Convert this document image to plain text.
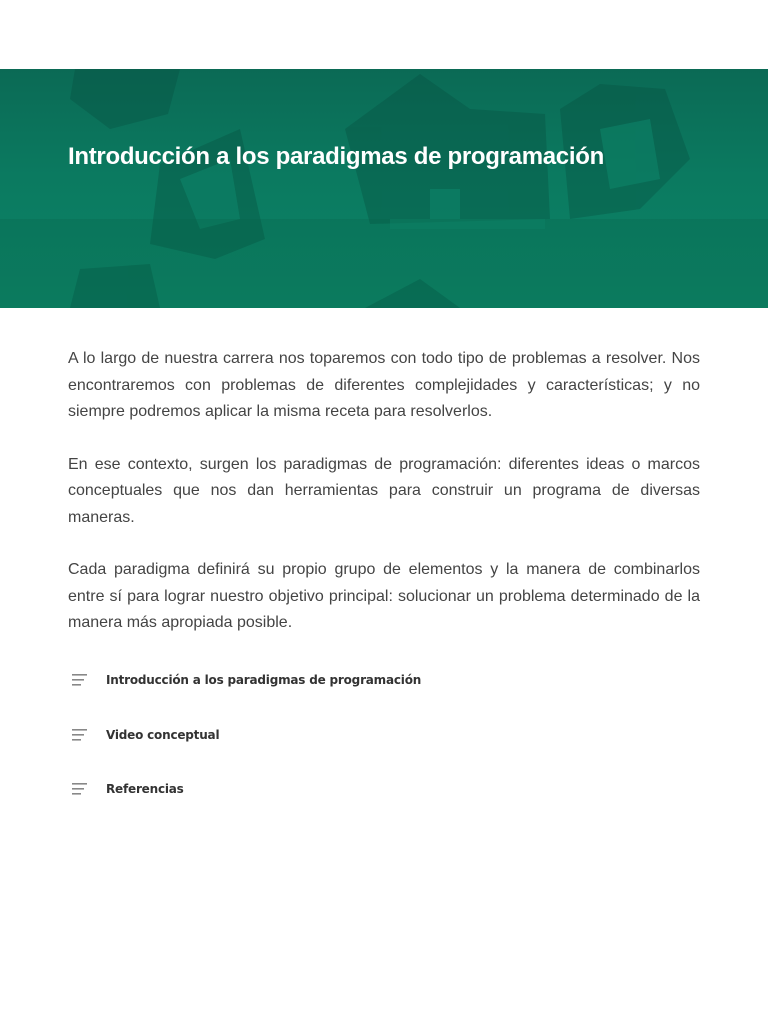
Introducción a los paradigmas de programación

A lo largo de nuestra carrera nos toparemos con todo tipo de problemas a resolver. Nos encontraremos con problemas de diferentes complejidades y características; y no siempre podremos aplicar la misma receta para resolverlos.

En ese contexto, surgen los paradigmas de programación: diferentes ideas o marcos conceptuales que nos dan herramientas para construir un programa de diversas maneras.

Cada paradigma definirá su propio grupo de elementos y la manera de combinarlos entre sí para lograr nuestro objetivo principal: solucionar un problema determinado de la manera más apropiada posible.

Introducción a los paradigmas de programación
Video conceptual
Referencias
